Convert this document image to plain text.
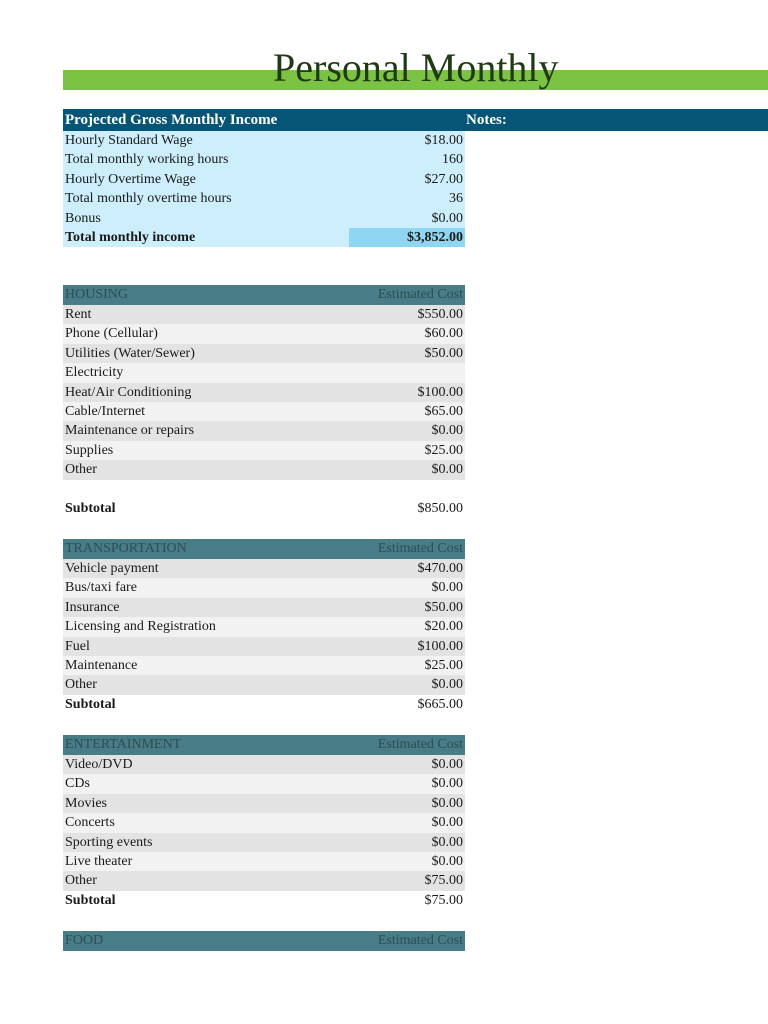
Personal Monthly
Projected Gross Monthly Income	Notes:
Hourly Standard Wage	$18.00
Total monthly working hours	160
Hourly Overtime Wage	$27.00
Total monthly overtime hours	36
Bonus	$0.00
Total monthly income	$3,852.00
HOUSING	Estimated Cost
Rent	$550.00
Phone (Cellular)	$60.00
Utilities (Water/Sewer)	$50.00
Electricity
Heat/Air Conditioning	$100.00
Cable/Internet	$65.00
Maintenance or repairs	$0.00
Supplies	$25.00
Other	$0.00
Subtotal	$850.00
TRANSPORTATION	Estimated Cost
Vehicle payment	$470.00
Bus/taxi fare	$0.00
Insurance	$50.00
Licensing and Registration	$20.00
Fuel	$100.00
Maintenance	$25.00
Other	$0.00
Subtotal	$665.00
ENTERTAINMENT	Estimated Cost
Video/DVD	$0.00
CDs	$0.00
Movies	$0.00
Concerts	$0.00
Sporting events	$0.00
Live theater	$0.00
Other	$75.00
Subtotal	$75.00
FOOD	Estimated Cost
